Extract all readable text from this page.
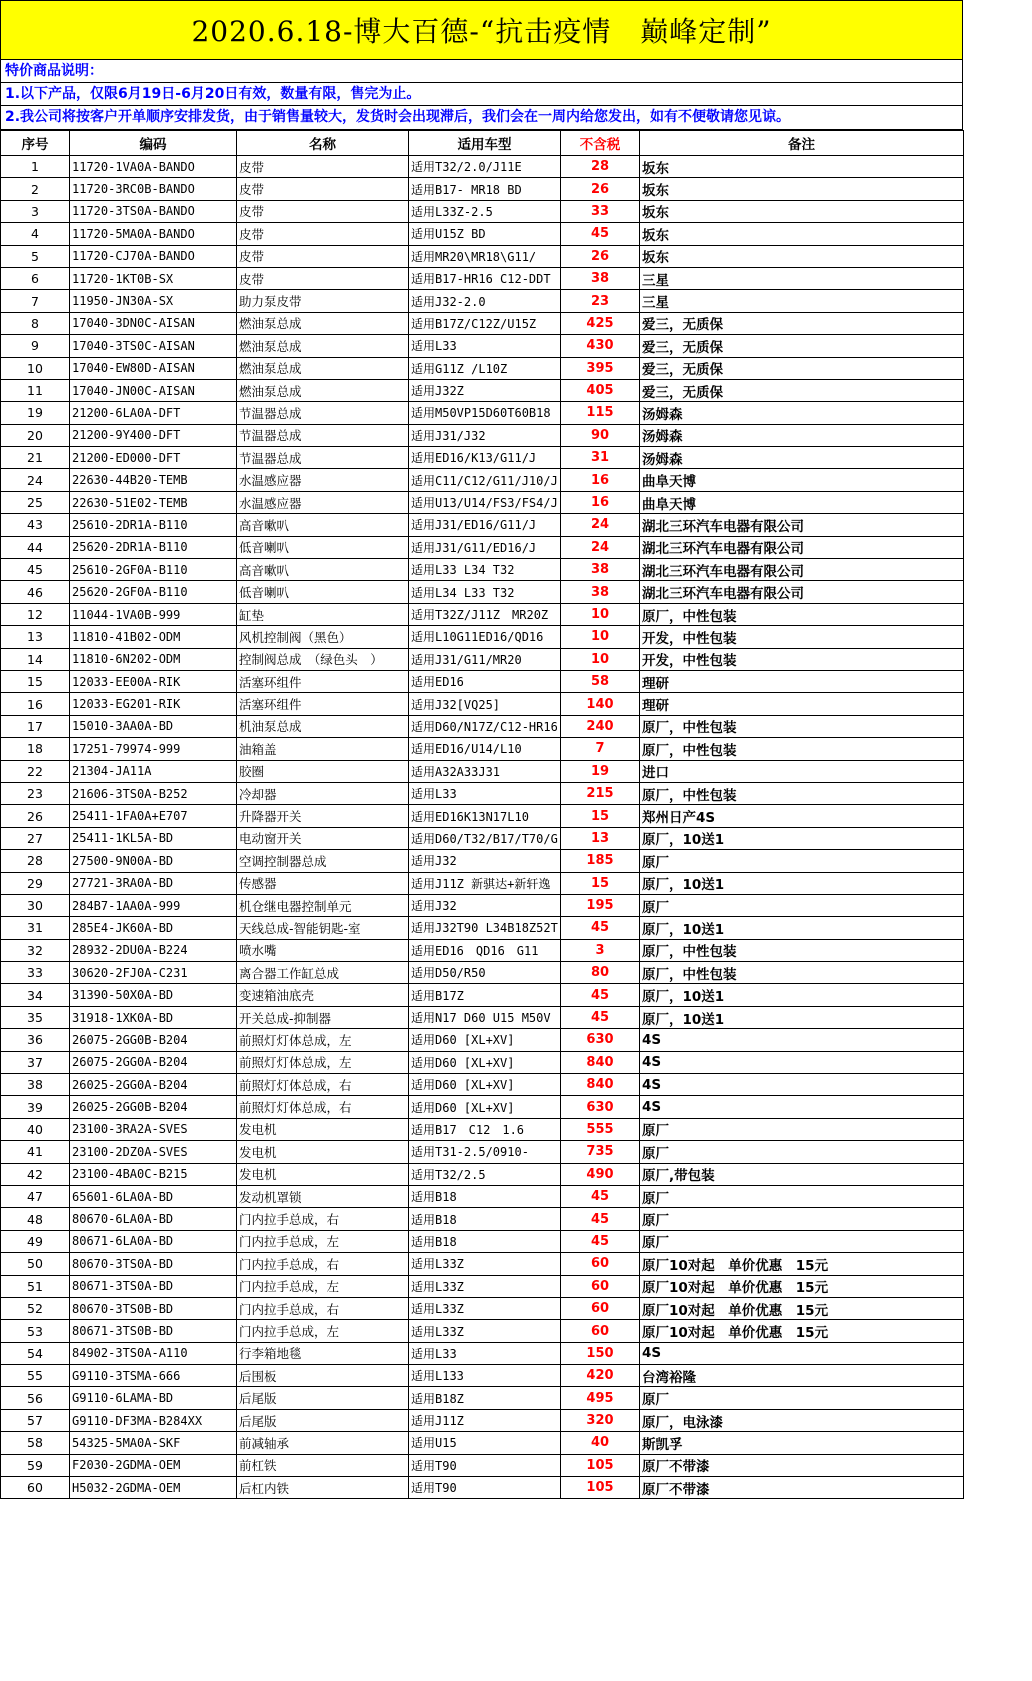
2020.6.18-博大百德-“抗击疫情　巅峰定制”
特价商品说明：
1.以下产品，仅限6月19日-6月20日有效，数量有限，售完为止。
2.我公司将按客户开单顺序安排发货，由于销售量较大，发货时会出现滞后，我们会在一周内给您发出，如有不便敬请您见谅。
序号	编码	名称	适用车型	不含税	备注
1	11720-1VA0A-BANDO	皮带	适用T32/2.0/J11E	28	坂东
2	11720-3RC0B-BANDO	皮带	适用B17- MR18 BD	26	坂东
3	11720-3TS0A-BANDO	皮带	适用L33Z-2.5	33	坂东
4	11720-5MA0A-BANDO	皮带	适用U15Z BD	45	坂东
5	11720-CJ70A-BANDO	皮带	适用MR20\MR18\G11/	26	坂东
6	11720-1KT0B-SX	皮带	适用B17-HR16 C12-DDT	38	三星
7	11950-JN30A-SX	助力泵皮带	适用J32-2.0	23	三星
8	17040-3DN0C-AISAN	燃油泵总成	适用B17Z/C12Z/U15Z	425	爱三，无质保
9	17040-3TS0C-AISAN	燃油泵总成	适用L33	430	爱三，无质保
10	17040-EW80D-AISAN	燃油泵总成	适用G11Z /L10Z	395	爱三，无质保
11	17040-JN00C-AISAN	燃油泵总成	适用J32Z	405	爱三，无质保
19	21200-6LA0A-DFT	节温器总成	适用M50VP15D60T60B18	115	汤姆森
20	21200-9Y400-DFT	节温器总成	适用J31/J32	90	汤姆森
21	21200-ED000-DFT	节温器总成	适用ED16/K13/G11/J	31	汤姆森
24	22630-44B20-TEMB	水温感应器	适用C11/C12/G11/J10/J	16	曲阜天博
25	22630-51E02-TEMB	水温感应器	适用U13/U14/FS3/FS4/J	16	曲阜天博
43	25610-2DR1A-B110	高音嗽叭	适用J31/ED16/G11/J	24	湖北三环汽车电器有限公司
44	25620-2DR1A-B110	低音喇叭	适用J31/G11/ED16/J	24	湖北三环汽车电器有限公司
45	25610-2GF0A-B110	高音嗽叭	适用L33 L34 T32	38	湖北三环汽车电器有限公司
46	25620-2GF0A-B110	低音喇叭	适用L34 L33 T32	38	湖北三环汽车电器有限公司
12	11044-1VA0B-999	缸垫	适用T32Z/J11Z　MR20Z	10	原厂，中性包装
13	11810-41B02-ODM	风机控制阀（黑色）	适用L10G11ED16/QD16	10	开发，中性包装
14	11810-6N202-ODM	控制阀总成　（绿色头　）	适用J31/G11/MR20	10	开发，中性包装
15	12033-EE00A-RIK	活塞环组件	适用ED16	58	理研
16	12033-EG201-RIK	活塞环组件	适用J32[VQ25]	140	理研
17	15010-3AA0A-BD	机油泵总成	适用D60/N17Z/C12-HR16	240	原厂，中性包装
18	17251-79974-999	油箱盖	适用ED16/U14/L10	7	原厂，中性包装
22	21304-JA11A	胶圈	适用A32A33J31	19	进口
23	21606-3TS0A-B252	冷却器	适用L33	215	原厂，中性包装
26	25411-1FA0A+E707	升降器开关	适用ED16K13N17L10	15	郑州日产4S
27	25411-1KL5A-BD	电动窗开关	适用D60/T32/B17/T70/G	13	原厂，10送1
28	27500-9N00A-BD	空调控制器总成	适用J32	185	原厂
29	27721-3RA0A-BD	传感器	适用J11Z 新骐达+新轩逸	15	原厂，10送1
30	284B7-1AA0A-999	机仓继电器控制单元	适用J32	195	原厂
31	285E4-JK60A-BD	天线总成-智能钥匙-室	适用J32T90 L34B18Z52T	45	原厂，10送1
32	28932-2DU0A-B224	喷水嘴	适用ED16　QD16　G11	3	原厂，中性包装
33	30620-2FJ0A-C231	离合器工作缸总成	适用D50/R50	80	原厂，中性包装
34	31390-50X0A-BD	变速箱油底壳	适用B17Z	45	原厂，10送1
35	31918-1XK0A-BD	开关总成-抑制器	适用N17 D60 U15 M50V	45	原厂，10送1
36	26075-2GG0B-B204	前照灯灯体总成，左	适用D60 [XL+XV]	630	4S
37	26075-2GG0A-B204	前照灯灯体总成，左	适用D60 [XL+XV]	840	4S
38	26025-2GG0A-B204	前照灯灯体总成，右	适用D60 [XL+XV]	840	4S
39	26025-2GG0B-B204	前照灯灯体总成，右	适用D60 [XL+XV]	630	4S
40	23100-3RA2A-SVES	发电机	适用B17　C12　1.6	555	原厂
41	23100-2DZ0A-SVES	发电机	适用T31-2.5/0910-	735	原厂
42	23100-4BA0C-B215	发电机	适用T32/2.5	490	原厂,带包装
47	65601-6LA0A-BD	发动机罩锁	适用B18	45	原厂
48	80670-6LA0A-BD	门内拉手总成，右	适用B18	45	原厂
49	80671-6LA0A-BD	门内拉手总成，左	适用B18	45	原厂
50	80670-3TS0A-BD	门内拉手总成，右	适用L33Z	60	原厂10对起　单价优惠　15元
51	80671-3TS0A-BD	门内拉手总成，左	适用L33Z	60	原厂10对起　单价优惠　15元
52	80670-3TS0B-BD	门内拉手总成，右	适用L33Z	60	原厂10对起　单价优惠　15元
53	80671-3TS0B-BD	门内拉手总成，左	适用L33Z	60	原厂10对起　单价优惠　15元
54	84902-3TS0A-A110	行李箱地毯	适用L33	150	4S
55	G9110-3TSMA-666	后围板	适用L133	420	台湾裕隆
56	G9110-6LAMA-BD	后尾版	适用B18Z	495	原厂
57	G9110-DF3MA-B284XX	后尾版	适用J11Z	320	原厂，电泳漆
58	54325-5MA0A-SKF	前减轴承	适用U15	40	斯凯孚
59	F2030-2GDMA-OEM	前杠铁	适用T90	105	原厂不带漆
60	H5032-2GDMA-OEM	后杠内铁	适用T90	105	原厂不带漆
